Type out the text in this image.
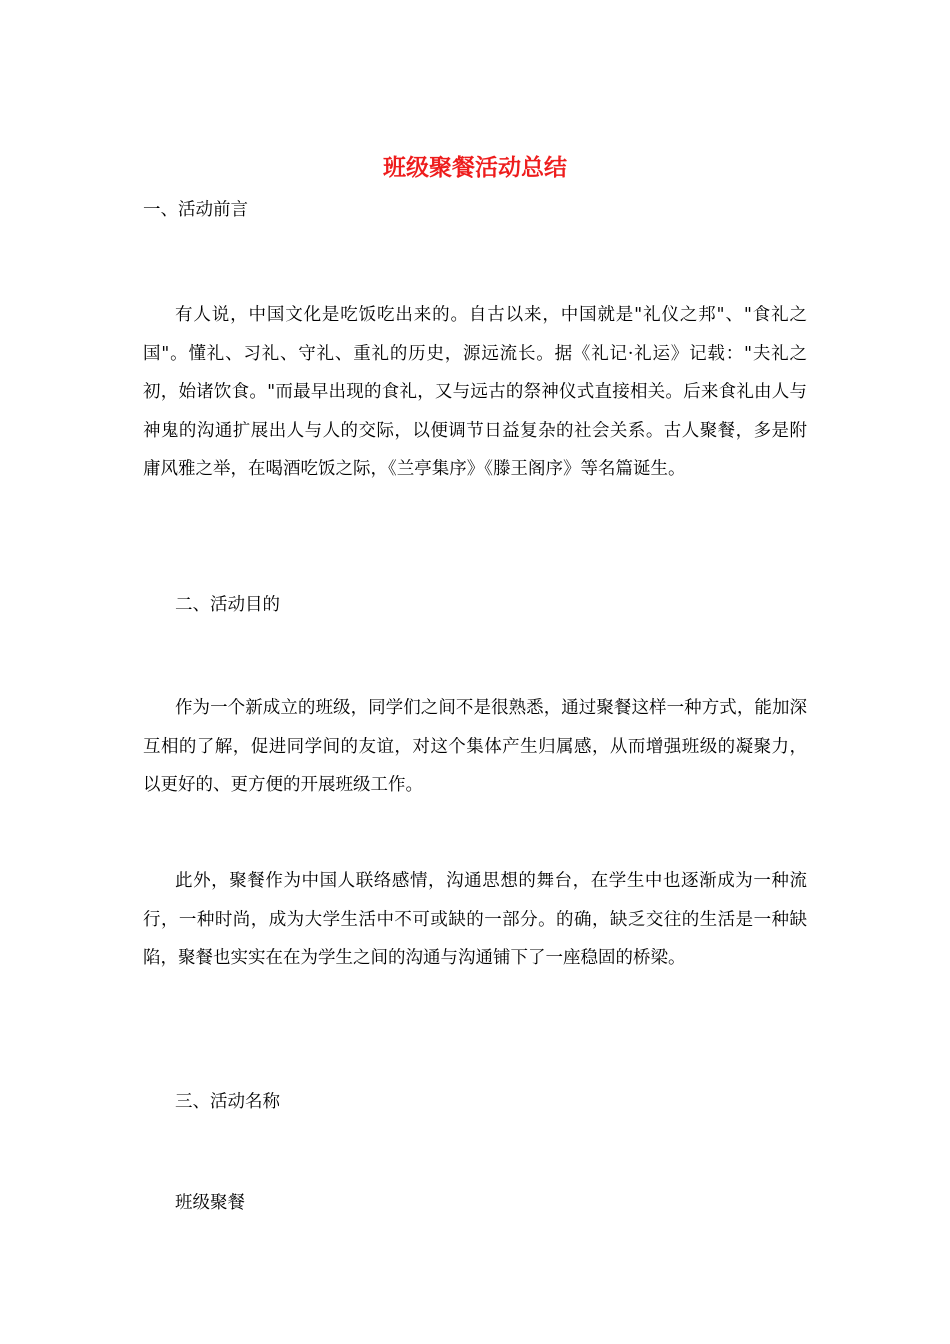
班级聚餐活动总结

一、活动前言

有人说，中国文化是吃饭吃出来的。自古以来，中国就是"礼仪之邦"、"食礼之国"。懂礼、习礼、守礼、重礼的历史，源远流长。据《礼记·礼运》记载："夫礼之初，始诸饮食。"而最早出现的食礼，又与远古的祭神仪式直接相关。后来食礼由人与神鬼的沟通扩展出人与人的交际，以便调节日益复杂的社会关系。古人聚餐，多是附庸风雅之举，在喝酒吃饭之际，《兰亭集序》《滕王阁序》等名篇诞生。

二、活动目的

作为一个新成立的班级，同学们之间不是很熟悉，通过聚餐这样一种方式，能加深互相的了解，促进同学间的友谊，对这个集体产生归属感，从而增强班级的凝聚力，以更好的、更方便的开展班级工作。

此外，聚餐作为中国人联络感情，沟通思想的舞台，在学生中也逐渐成为一种流行，一种时尚，成为大学生活中不可或缺的一部分。的确，缺乏交往的生活是一种缺陷，聚餐也实实在在为学生之间的沟通与沟通铺下了一座稳固的桥梁。

三、活动名称

班级聚餐
